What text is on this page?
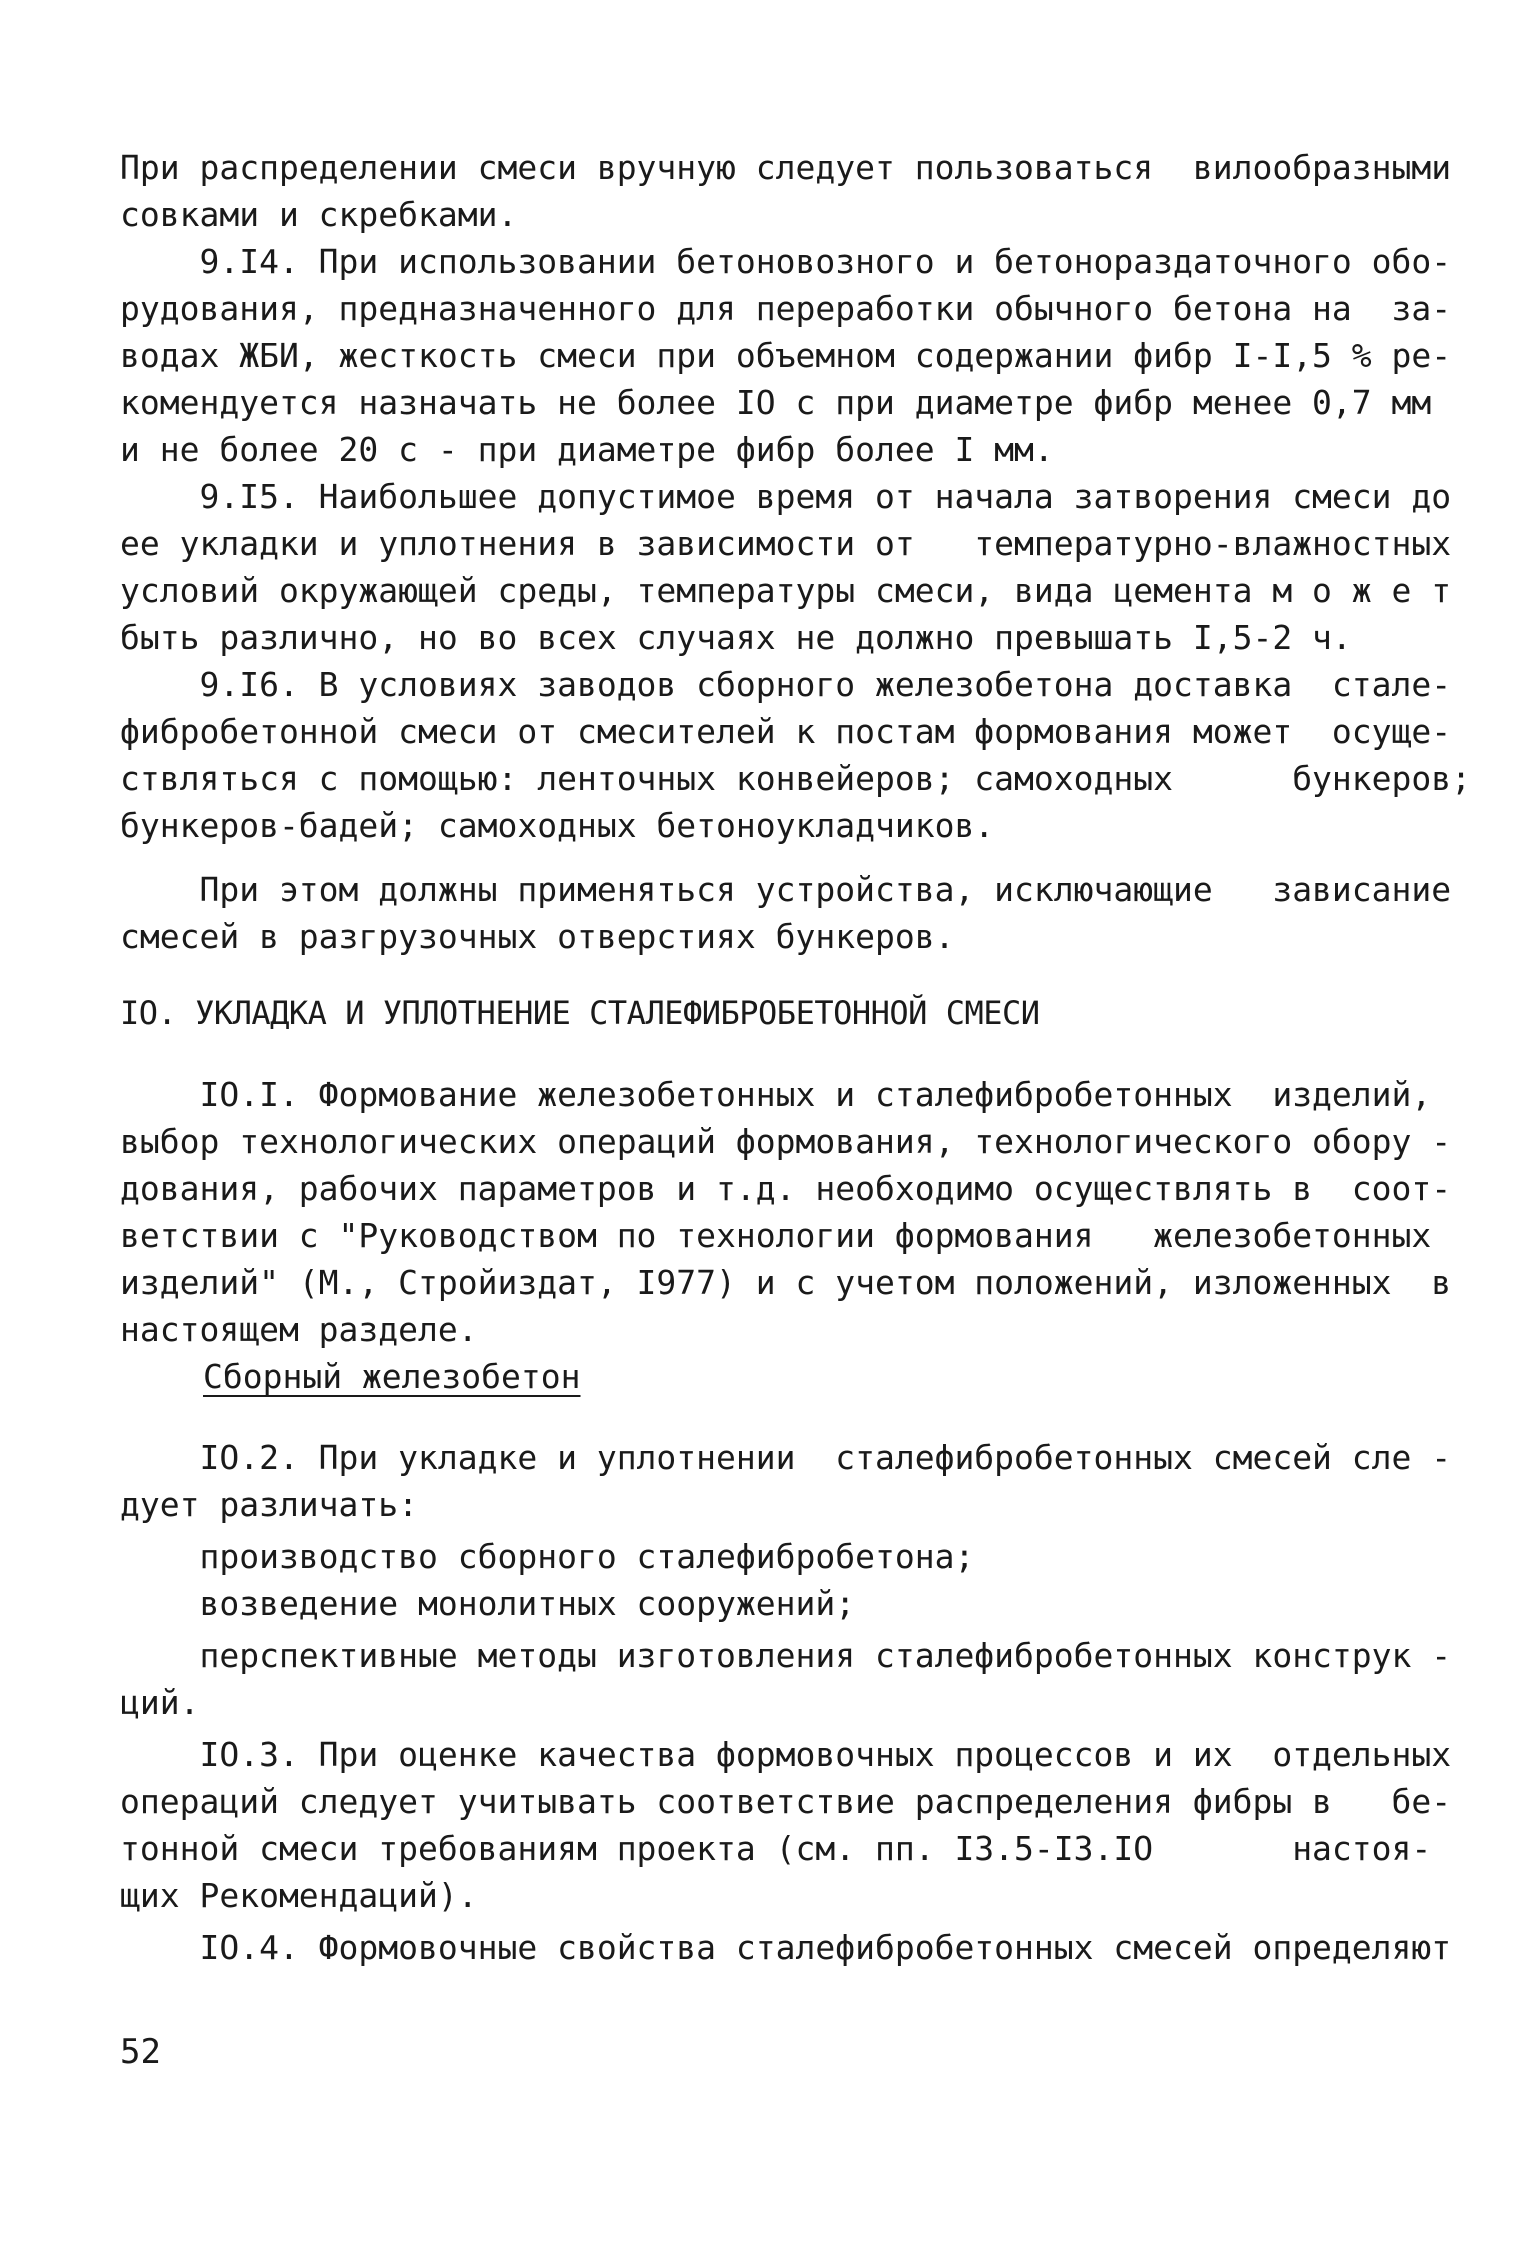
При распределении смеси вручную следует пользоваться  вилообразными

совками и скребками.

9.I4. При использовании бетоновозного и бетонораздаточного обо-

рудования, предназначенного для переработки обычного бетона на  за-

водах ЖБИ, жесткость смеси при объемном содержании фибр I-I,5 % ре-

комендуется назначать не более IO с при диаметре фибр менее 0,7 мм

и не более 20 с - при диаметре фибр более I мм.

9.I5. Наибольшее допустимое время от начала затворения смеси до

ее укладки и уплотнения в зависимости от   температурно-влажностных

условий окружающей среды, температуры смеси, вида цемента м о ж е т

быть различно, но во всех случаях не должно превышать I,5-2 ч.

9.I6. В условиях заводов сборного железобетона доставка  стале-

фибробетонной смеси от смесителей к постам формования может  осуще-

ствляться с помощью: ленточных конвейеров; самоходных      бункеров;

бункеров-бадей; самоходных бетоноукладчиков.

При этом должны применяться устройства, исключающие   зависание

смесей в разгрузочных отверстиях бункеров.

IO. УКЛАДКА И УПЛОТНЕНИЕ СТАЛЕФИБРОБЕТОННОЙ СМЕСИ

IO.I. Формование железобетонных и сталефибробетонных  изделий,

выбор технологических операций формования, технологического обору -

дования, рабочих параметров и т.д. необходимо осуществлять в  соот-

ветствии с "Руководством по технологии формования   железобетонных

изделий" (М., Стройиздат, I977) и с учетом положений, изложенных  в

настоящем разделе.

Сборный железобетон

IO.2. При укладке и уплотнении  сталефибробетонных смесей сле -

дует различать:

производство сборного сталефибробетона;

возведение монолитных сооружений;

перспективные методы изготовления сталефибробетонных конструк -

ций.

IO.3. При оценке качества формовочных процессов и их  отдельных

операций следует учитывать соответствие распределения фибры в   бе-

тонной смеси требованиям проекта (см. пп. I3.5-I3.IO       настоя-

щих Рекомендаций).

IO.4. Формовочные свойства сталефибробетонных смесей определяют

52
